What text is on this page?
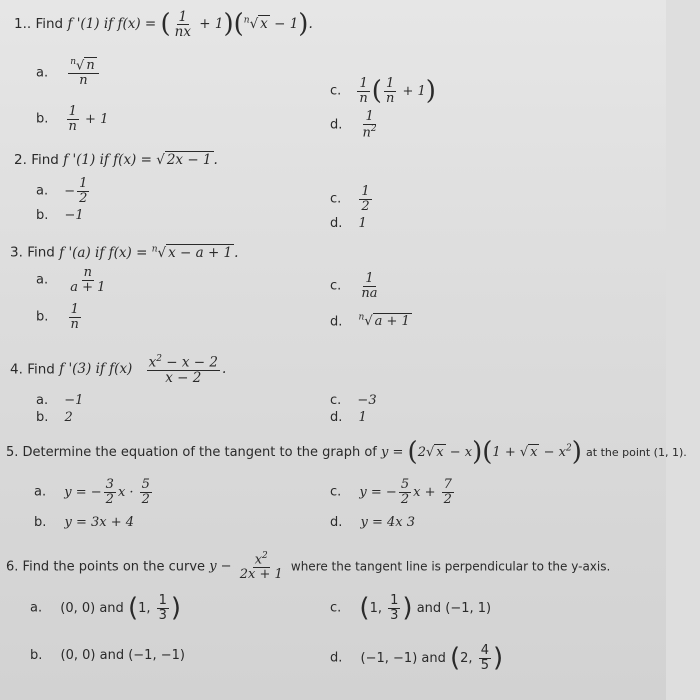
1.. Find f '(1) if f(x) = ( $\frac{1}{nx} + 1)(^n√$ x − 1).
a. $\frac{^n√ n}{n}$
b. $\frac{1}{n} + 1$
c. $\frac{1}{n}$ ( $\frac{1}{n} + 1$)
d. $\frac{1}{n^2}$
2. Find f '(1) if f(x) = √ 2x − 1 .
a. − $\frac{1}{2}$
b. −1
c. $\frac{1}{2}$
d. 1
3. Find f '(a) if f(x) = $^n$√ x − a + 1 .
a. $\frac{n}{a + 1}$
b. $\frac{1}{n}$
c. $\frac{1}{na}$
d. $^n$√ a + 1
4. Find f '(3) if $f(x) \frac{x^2 - x - 2}{x - 2}$ .
a. −1
b. 2
c. −3
d. 1
5. Determine the equation of the tangent to the graph of y = (2√ x − x)(1 + √ $x - x^2$) at the point (1, 1).
a. y = − $\frac{3}{2}$ $x \cdot \frac{5}{2}$
b. y = 3x + 4
c. y = − $\frac{5}{2}$ $x + \frac{7}{2}$
d. y = 4x 3
6. Find the points on the curve $y - \frac{x^2}{2x + 1}$ where the tangent line is perpendicular to the y-axis.
a. (0, 0) and (1, $\frac{1}{3}$ )
b. (0, 0) and (−1, −1)
c. (1, $\frac{1}{3}$ ) and (−1, 1)
d. (−1, −1) and (2, $\frac{4}{5}$ )
